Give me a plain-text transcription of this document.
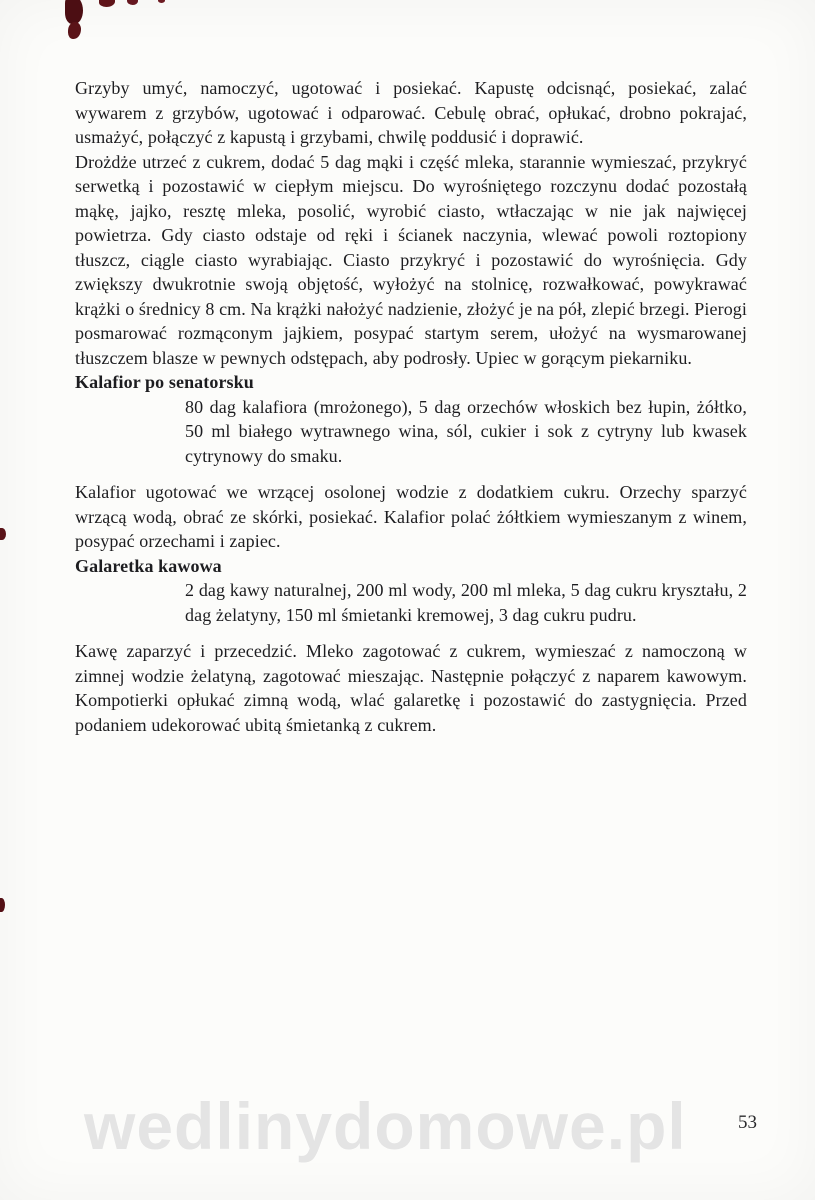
Grzyby umyć, namoczyć, ugotować i posiekać. Kapustę odcisnąć, posiekać, zalać wywarem z grzybów, ugotować i odparować. Cebulę obrać, opłukać, drobno pokrajać, usmażyć, połączyć z kapustą i grzybami, chwilę poddusić i doprawić.

Drożdże utrzeć z cukrem, dodać 5 dag mąki i część mleka, starannie wymieszać, przykryć serwetką i pozostawić w ciepłym miejscu. Do wyrośniętego rozczynu dodać pozostałą mąkę, jajko, resztę mleka, posolić, wyrobić ciasto, wtłaczając w nie jak najwięcej powietrza. Gdy ciasto odstaje od ręki i ścianek naczynia, wlewać powoli roztopiony tłuszcz, ciągle ciasto wyrabiając. Ciasto przykryć i pozostawić do wyrośnięcia. Gdy zwiększy dwukrotnie swoją objętość, wyłożyć na stolnicę, rozwałkować, powykrawać krążki o średnicy 8 cm. Na krążki nałożyć nadzienie, złożyć je na pół, zlepić brzegi. Pierogi posmarować rozmąconym jajkiem, posypać startym serem, ułożyć na wysmarowanej tłuszczem blasze w pewnych odstępach, aby podrosły. Upiec w gorącym piekarniku.

Kalafior po senatorsku

80 dag kalafiora (mrożonego), 5 dag orzechów włoskich bez łupin, żółtko, 50 ml białego wytrawnego wina, sól, cukier i sok z cytryny lub kwasek cytrynowy do smaku.

Kalafior ugotować we wrzącej osolonej wodzie z dodatkiem cukru. Orzechy sparzyć wrzącą wodą, obrać ze skórki, posiekać. Kalafior polać żółtkiem wymieszanym z winem, posypać orzechami i zapiec.

Galaretka kawowa

2 dag kawy naturalnej, 200 ml wody, 200 ml mleka, 5 dag cukru kryształu, 2 dag żelatyny, 150 ml śmietanki kremowej, 3 dag cukru pudru.

Kawę zaparzyć i przecedzić. Mleko zagotować z cukrem, wymieszać z namoczoną w zimnej wodzie żelatyną, zagotować mieszając. Następnie połączyć z naparem kawowym. Kompotierki opłukać zimną wodą, wlać galaretkę i pozostawić do zastygnięcia. Przed podaniem udekorować ubitą śmietanką z cukrem.

wedlinydomowe.pl	53
